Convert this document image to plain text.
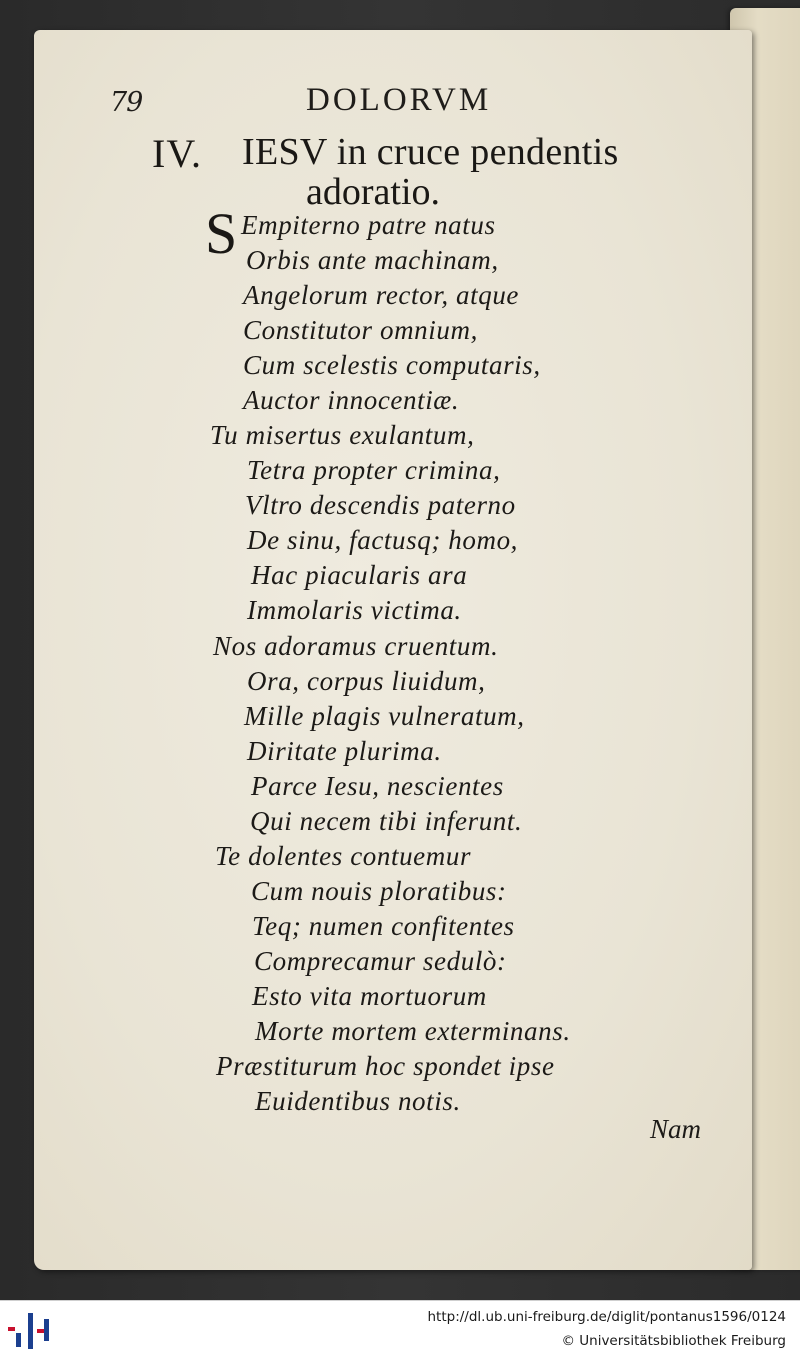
79	DOLORVM
IV. IESV in cruce pendentis
adoratio.
S Empiterno patre natus
Orbis ante machinam,
Angelorum rector, atque
Constitutor omnium,
Cum scelestis computaris,
Auctor innocentiæ.
Tu misertus exulantum,
Tetra propter crimina,
Vltro descendis paterno
De sinu, factusq; homo,
Hac piacularis ara
Immolaris victima.
Nos adoramus cruentum.
Ora, corpus liuidum,
Mille plagis vulneratum,
Diritate plurima.
Parce Iesu, nescientes
Qui necem tibi inferunt.
Te dolentes contuemur
Cum nouis ploratibus:
Teq; numen confitentes
Comprecamur sedulò:
Esto vita mortuorum
Morte mortem exterminans.
Præstiturum hoc spondet ipse
Euidentibus notis.
Nam
http://dl.ub.uni-freiburg.de/diglit/pontanus1596/0124
© Universitätsbibliothek Freiburg
